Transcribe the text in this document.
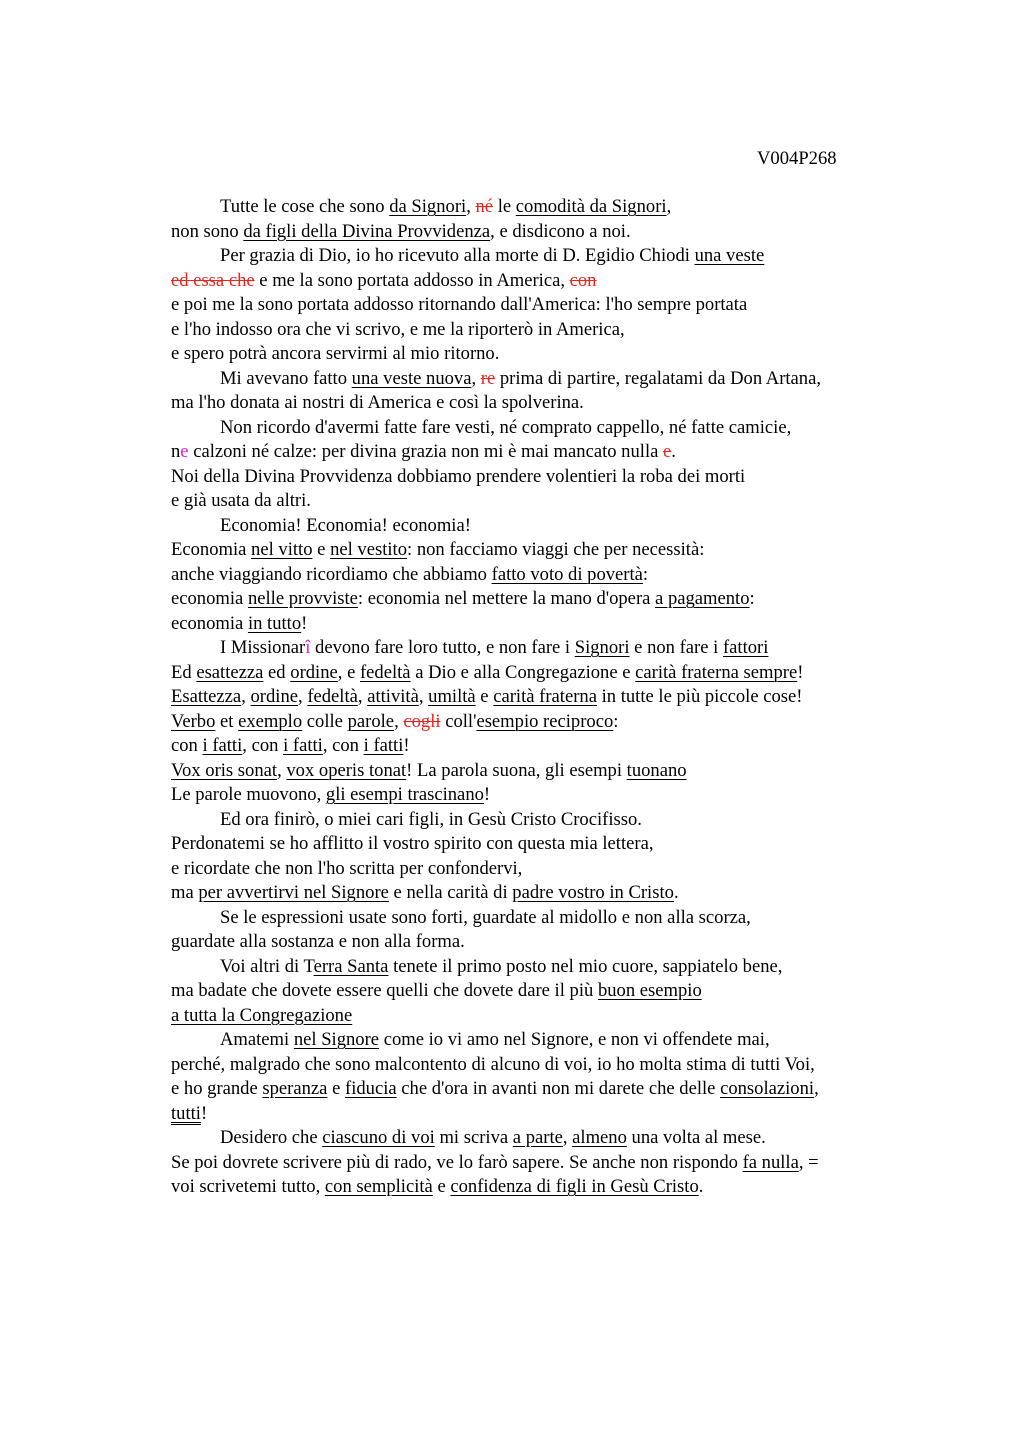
V004P268
Tutte le cose che sono da Signori, né le comodità da Signori,
non sono da figli della Divina Provvidenza, e disdicono a noi.
Per grazia di Dio, io ho ricevuto alla morte di D. Egidio Chiodi una veste
ed essa che e me la sono portata addosso in America, con
e poi me la sono portata addosso ritornando dall'America: l'ho sempre portata
e l'ho indosso ora che vi scrivo, e me la riporterò in America,
e spero potrà ancora servirmi al mio ritorno.
Mi avevano fatto una veste nuova, re prima di partire, regalatami da Don Artana,
ma l'ho donata ai nostri di America e così la spolverina.
Non ricordo d'avermi fatte fare vesti, né comprato cappello, né fatte camicie,
ne calzoni né calze: per divina grazia non mi è mai mancato nulla e.
Noi della Divina Provvidenza dobbiamo prendere volentieri la roba dei morti
e già usata da altri.
Economia! Economia! economia!
Economia nel vitto e nel vestito: non facciamo viaggi che per necessità:
anche viaggiando ricordiamo che abbiamo fatto voto di povertà:
economia nelle provviste: economia nel mettere la mano d'opera a pagamento:
economia in tutto!
I Missionarî devono fare loro tutto, e non fare i Signori e non fare i fattori
Ed esattezza ed ordine, e fedeltà a Dio e alla Congregazione e carità fraterna sempre!
Esattezza, ordine, fedeltà, attività, umiltà e carità fraterna in tutte le più piccole cose!
Verbo et exemplo colle parole, cogli coll'esempio reciproco:
con i fatti, con i fatti, con i fatti!
Vox oris sonat, vox operis tonat! La parola suona, gli esempi tuonano
Le parole muovono, gli esempi trascinano!
Ed ora finirò, o miei cari figli, in Gesù Cristo Crocifisso.
Perdonatemi se ho afflitto il vostro spirito con questa mia lettera,
e ricordate che non l'ho scritta per confondervi,
ma per avvertirvi nel Signore e nella carità di padre vostro in Cristo.
Se le espressioni usate sono forti, guardate al midollo e non alla scorza,
guardate alla sostanza e non alla forma.
Voi altri di Terra Santa tenete il primo posto nel mio cuore, sappiatelo bene,
ma badate che dovete essere quelli che dovete dare il più buon esempio
a tutta la Congregazione
Amatemi nel Signore come io vi amo nel Signore, e non vi offendete mai,
perché, malgrado che sono malcontento di alcuno di voi, io ho molta stima di tutti Voi,
e ho grande speranza e fiducia che d'ora in avanti non mi darete che delle consolazioni,
tutti!
Desidero che ciascuno di voi mi scriva a parte, almeno una volta al mese.
Se poi dovrete scrivere più di rado, ve lo farò sapere. Se anche non rispondo fa nulla, =
voi scrivetemi tutto, con semplicità e confidenza di figli in Gesù Cristo.
